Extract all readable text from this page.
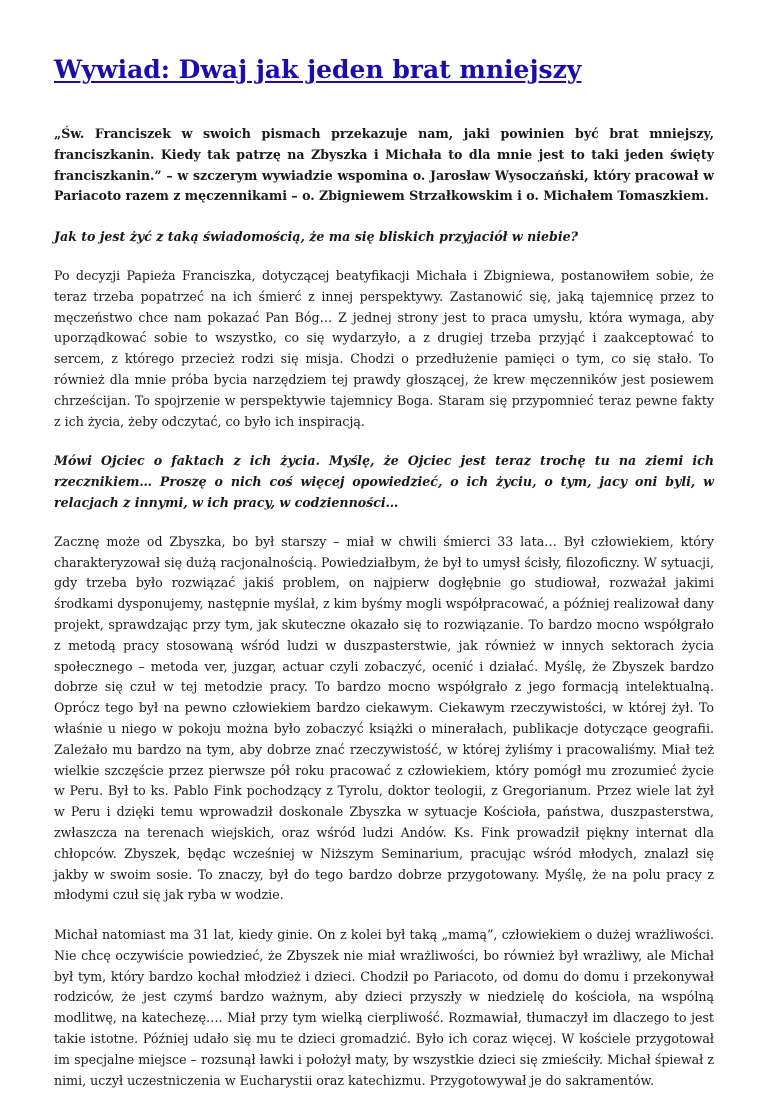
Wywiad: Dwaj jak jeden brat mniejszy

„Św. Franciszek w swoich pismach przekazuje nam, jaki powinien być brat mniejszy, franciszkanin. Kiedy tak patrzę na Zbyszka i Michała to dla mnie jest to taki jeden święty franciszkanin.” – w szczerym wywiadzie wspomina o. Jarosław Wysoczański, który pracował w Pariacoto razem z męczennikami – o. Zbigniewem Strzałkowskim i o. Michałem Tomaszkiem.

Jak to jest żyć z taką świadomością, że ma się bliskich przyjaciół w niebie?

Po decyzji Papieża Franciszka, dotyczącej beatyfikacji Michała i Zbigniewa, postanowiłem sobie, że teraz trzeba popatrzeć na ich śmierć z innej perspektywy. Zastanowić się, jaką tajemnicę przez to męczeństwo chce nam pokazać Pan Bóg… Z jednej strony jest to praca umysłu, która wymaga, aby uporządkować sobie to wszystko, co się wydarzyło, a z drugiej trzeba przyjąć i zaakceptować to sercem, z którego przecież rodzi się misja. Chodzi o przedłużenie pamięci o tym, co się stało. To również dla mnie próba bycia narzędziem tej prawdy głoszącej, że krew męczenników jest posiewem chrześcijan. To spojrzenie w perspektywie tajemnicy Boga. Staram się przypomnieć teraz pewne fakty z ich życia, żeby odczytać, co było ich inspiracją.

Mówi Ojciec o faktach z ich życia. Myślę, że Ojciec jest teraz trochę tu na ziemi ich rzecznikiem… Proszę o nich coś więcej opowiedzieć, o ich życiu, o tym, jacy oni byli, w relacjach z innymi, w ich pracy, w codzienności…

Zacznę może od Zbyszka, bo był starszy – miał w chwili śmierci 33 lata… Był człowiekiem, który charakteryzował się dużą racjonalnością. Powiedziałbym, że był to umysł ścisły, filozoficzny. W sytuacji, gdy trzeba było rozwiązać jakiś problem, on najpierw dogłębnie go studiował, rozważał jakimi środkami dysponujemy, następnie myślał, z kim byśmy mogli współpracować, a później realizował dany projekt, sprawdzając przy tym, jak skuteczne okazało się to rozwiązanie. To bardzo mocno współgrało z metodą pracy stosowaną wśród ludzi w duszpasterstwie, jak również w innych sektorach życia społecznego – metoda ver, juzgar, actuar czyli zobaczyć, ocenić i działać. Myślę, że Zbyszek bardzo dobrze się czuł w tej metodzie pracy. To bardzo mocno współgrało z jego formacją intelektualną. Oprócz tego był na pewno człowiekiem bardzo ciekawym. Ciekawym rzeczywistości, w której żył. To właśnie u niego w pokoju można było zobaczyć książki o minerałach, publikacje dotyczące geografii. Zależało mu bardzo na tym, aby dobrze znać rzeczywistość, w której żyliśmy i pracowaliśmy. Miał też wielkie szczęście przez pierwsze pół roku pracować z człowiekiem, który pomógł mu zrozumieć życie w Peru. Był to ks. Pablo Fink pochodzący z Tyrolu, doktor teologii, z Gregorianum. Przez wiele lat żył w Peru i dzięki temu wprowadził doskonale Zbyszka w sytuacje Kościoła, państwa, duszpasterstwa, zwłaszcza na terenach wiejskich, oraz wśród ludzi Andów. Ks. Fink prowadził piękny internat dla chłopców. Zbyszek, będąc wcześniej w Niższym Seminarium, pracując wśród młodych, znalazł się jakby w swoim sosie. To znaczy, był do tego bardzo dobrze przygotowany. Myślę, że na polu pracy z młodymi czuł się jak ryba w wodzie.

Michał natomiast ma 31 lat, kiedy ginie. On z kolei był taką „mamą”, człowiekiem o dużej wrażliwości. Nie chcę oczywiście powiedzieć, że Zbyszek nie miał wrażliwości, bo również był wrażliwy, ale Michał był tym, który bardzo kochał młodzież i dzieci. Chodził po Pariacoto, od domu do domu i przekonywał rodziców, że jest czymś bardzo ważnym, aby dzieci przyszły w niedzielę do kościoła, na wspólną modlitwę, na katechezę…. Miał przy tym wielką cierpliwość. Rozmawiał, tłumaczył im dlaczego to jest takie istotne. Później udało się mu te dzieci gromadzić. Było ich coraz więcej. W kościele przygotował im specjalne miejsce – rozsunął ławki i położył maty, by wszystkie dzieci się zmieściły. Michał śpiewał z nimi, uczył uczestniczenia w Eucharystii oraz katechizmu. Przygotowywał je do sakramentów.
